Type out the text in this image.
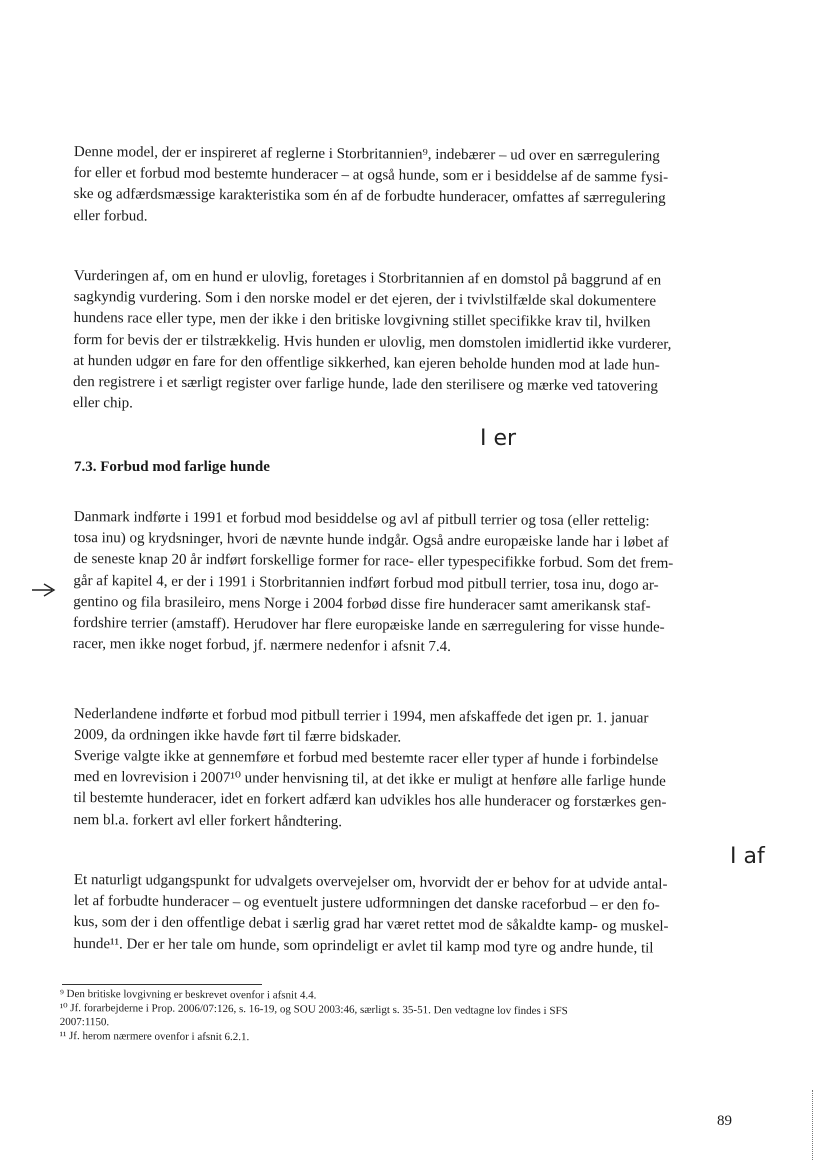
Denne model, der er inspireret af reglerne i Storbritannien⁹, indebærer – ud over en særregulering
for eller et forbud mod bestemte hunderacer – at også hunde, som er i besiddelse af de samme fysi-
ske og adfærdsmæssige karakteristika som én af de forbudte hunderacer, omfattes af særregulering
eller forbud.
Vurderingen af, om en hund er ulovlig, foretages i Storbritannien af en domstol på baggrund af en
sagkyndig vurdering. Som i den norske model er det ejeren, der i tvivlstilfælde skal dokumentere
hundens race eller type, men der ikke i den britiske lovgivning stillet specifikke krav til, hvilken
form for bevis der er tilstrækkelig. Hvis hunden er ulovlig, men domstolen imidlertid ikke vurderer,
at hunden udgør en fare for den offentlige sikkerhed, kan ejeren beholde hunden mod at lade hun-
den registrere i et særligt register over farlige hunde, lade den sterilisere og mærke ved tatovering
eller chip.
I er
7.3. Forbud mod farlige hunde
Danmark indførte i 1991 et forbud mod besiddelse og avl af pitbull terrier og tosa (eller rettelig:
tosa inu) og krydsninger, hvori de nævnte hunde indgår. Også andre europæiske lande har i løbet af
de seneste knap 20 år indført forskellige former for race- eller typespecifikke forbud. Som det frem-
går af kapitel 4, er der i 1991 i Storbritannien indført forbud mod pitbull terrier, tosa inu, dogo ar-
gentino og fila brasileiro, mens Norge i 2004 forbød disse fire hunderacer samt amerikansk staf-
fordshire terrier (amstaff). Herudover har flere europæiske lande en særregulering for visse hunde-
racer, men ikke noget forbud, jf. nærmere nedenfor i afsnit 7.4.
Nederlandene indførte et forbud mod pitbull terrier i 1994, men afskaffede det igen pr. 1. januar
2009, da ordningen ikke havde ført til færre bidskader.
Sverige valgte ikke at gennemføre et forbud med bestemte racer eller typer af hunde i forbindelse
med en lovrevision i 2007¹⁰ under henvisning til, at det ikke er muligt at henføre alle farlige hunde
til bestemte hunderacer, idet en forkert adfærd kan udvikles hos alle hunderacer og forstærkes gen-
nem bl.a. forkert avl eller forkert håndtering.
I af
Et naturligt udgangspunkt for udvalgets overvejelser om, hvorvidt der er behov for at udvide antal-
let af forbudte hunderacer – og eventuelt justere udformningen det danske raceforbud – er den fo-
kus, som der i den offentlige debat i særlig grad har været rettet mod de såkaldte kamp- og muskel-
hunde¹¹. Der er her tale om hunde, som oprindeligt er avlet til kamp mod tyre og andre hunde, til
⁹ Den britiske lovgivning er beskrevet ovenfor i afsnit 4.4.
¹⁰ Jf. forarbejderne i Prop. 2006/07:126, s. 16-19, og SOU 2003:46, særligt s. 35-51. Den vedtagne lov findes i SFS
2007:1150.
¹¹ Jf. herom nærmere ovenfor i afsnit 6.2.1.
89
